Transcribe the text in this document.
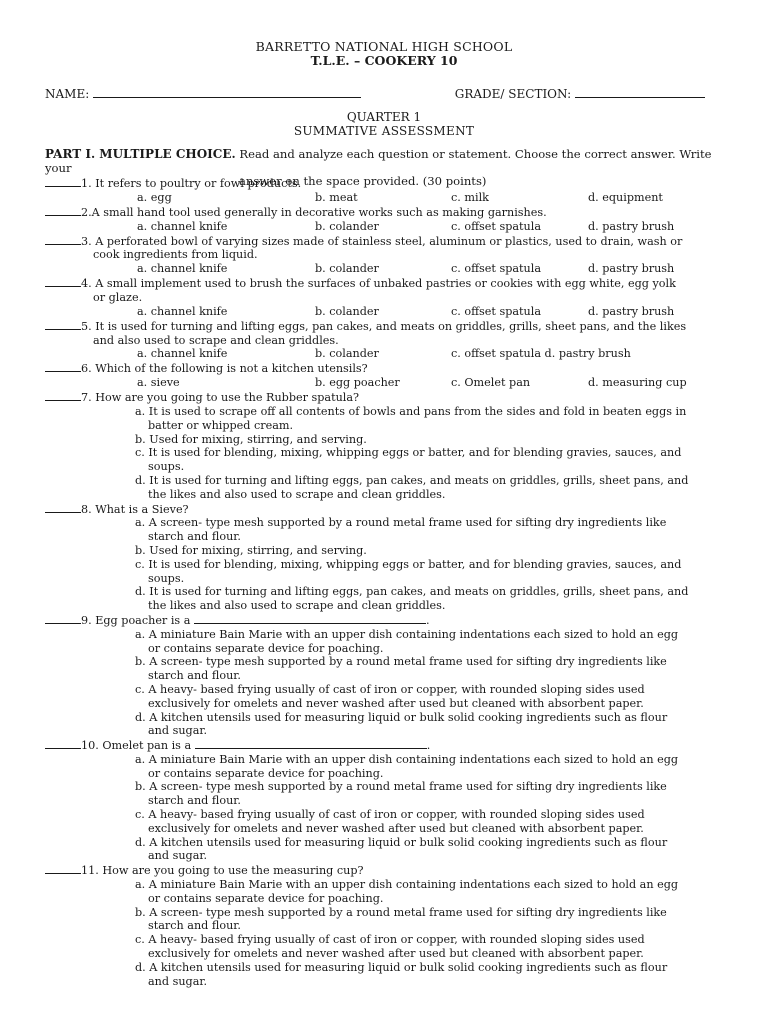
BARRETTO NATIONAL HIGH SCHOOL
T.L.E. – COOKERY 10
NAME:	GRADE/ SECTION:
QUARTER 1
SUMMATIVE ASSESSMENT
PART I. MULTIPLE CHOICE. Read and analyze each question or statement. Choose the correct answer. Write your
answer on the space provided. (30 points)
1. It refers to poultry or fowl products.
a. egg	b. meat	c. milk	d. equipment
2.A small hand tool used generally in decorative works such as making garnishes.
a. channel knife	b. colander	c. offset spatula	d. pastry brush
3. A perforated bowl of varying sizes made of stainless steel, aluminum or plastics, used to drain, wash or
cook ingredients from liquid.
a. channel knife	b. colander	c. offset spatula	d. pastry brush
4. A small implement used to brush the surfaces of unbaked pastries or cookies with egg white, egg yolk
or glaze.
a. channel knife	b. colander	c. offset spatula	d. pastry brush
5. It is used for turning and lifting eggs, pan cakes, and meats on griddles, grills, sheet pans, and the likes
and also used to scrape and clean griddles.
a. channel knife	b. colander	c. offset spatula d. pastry brush
6. Which of the following is not a kitchen utensils?
a. sieve	b. egg poacher	c. Omelet pan	d. measuring cup
7. How are you going to use the Rubber spatula?
a. It is used to scrape off all contents of bowls and pans from the sides and fold in beaten eggs in
batter or whipped cream.
b. Used for mixing, stirring, and serving.
c. It is used for blending, mixing, whipping eggs or batter, and for blending gravies, sauces, and
soups.
d. It is used for turning and lifting eggs, pan cakes, and meats on griddles, grills, sheet pans, and
the likes and also used to scrape and clean griddles.
8. What is a Sieve?
a. A screen- type mesh supported by a round metal frame used for sifting dry ingredients like
starch and flour.
b. Used for mixing, stirring, and serving.
c. It is used for blending, mixing, whipping eggs or batter, and for blending gravies, sauces, and
soups.
d. It is used for turning and lifting eggs, pan cakes, and meats on griddles, grills, sheet pans, and
the likes and also used to scrape and clean griddles.
9. Egg poacher is a	.
a. A miniature Bain Marie with an upper dish containing indentations each sized to hold an egg
or contains separate device for poaching.
b. A screen- type mesh supported by a round metal frame used for sifting dry ingredients like
starch and flour.
c. A heavy- based frying usually of cast of iron or copper, with rounded sloping sides used
exclusively for omelets and never washed after used but cleaned with absorbent paper.
d. A kitchen utensils used for measuring liquid or bulk solid cooking ingredients such as flour
and sugar.
10. Omelet pan is a	.
a. A miniature Bain Marie with an upper dish containing indentations each sized to hold an egg
or contains separate device for poaching.
b. A screen- type mesh supported by a round metal frame used for sifting dry ingredients like
starch and flour.
c. A heavy- based frying usually of cast of iron or copper, with rounded sloping sides used
exclusively for omelets and never washed after used but cleaned with absorbent paper.
d. A kitchen utensils used for measuring liquid or bulk solid cooking ingredients such as flour
and sugar.
11. How are you going to use the measuring cup?
a. A miniature Bain Marie with an upper dish containing indentations each sized to hold an egg
or contains separate device for poaching.
b. A screen- type mesh supported by a round metal frame used for sifting dry ingredients like
starch and flour.
c. A heavy- based frying usually of cast of iron or copper, with rounded sloping sides used
exclusively for omelets and never washed after used but cleaned with absorbent paper.
d. A kitchen utensils used for measuring liquid or bulk solid cooking ingredients such as flour
and sugar.
